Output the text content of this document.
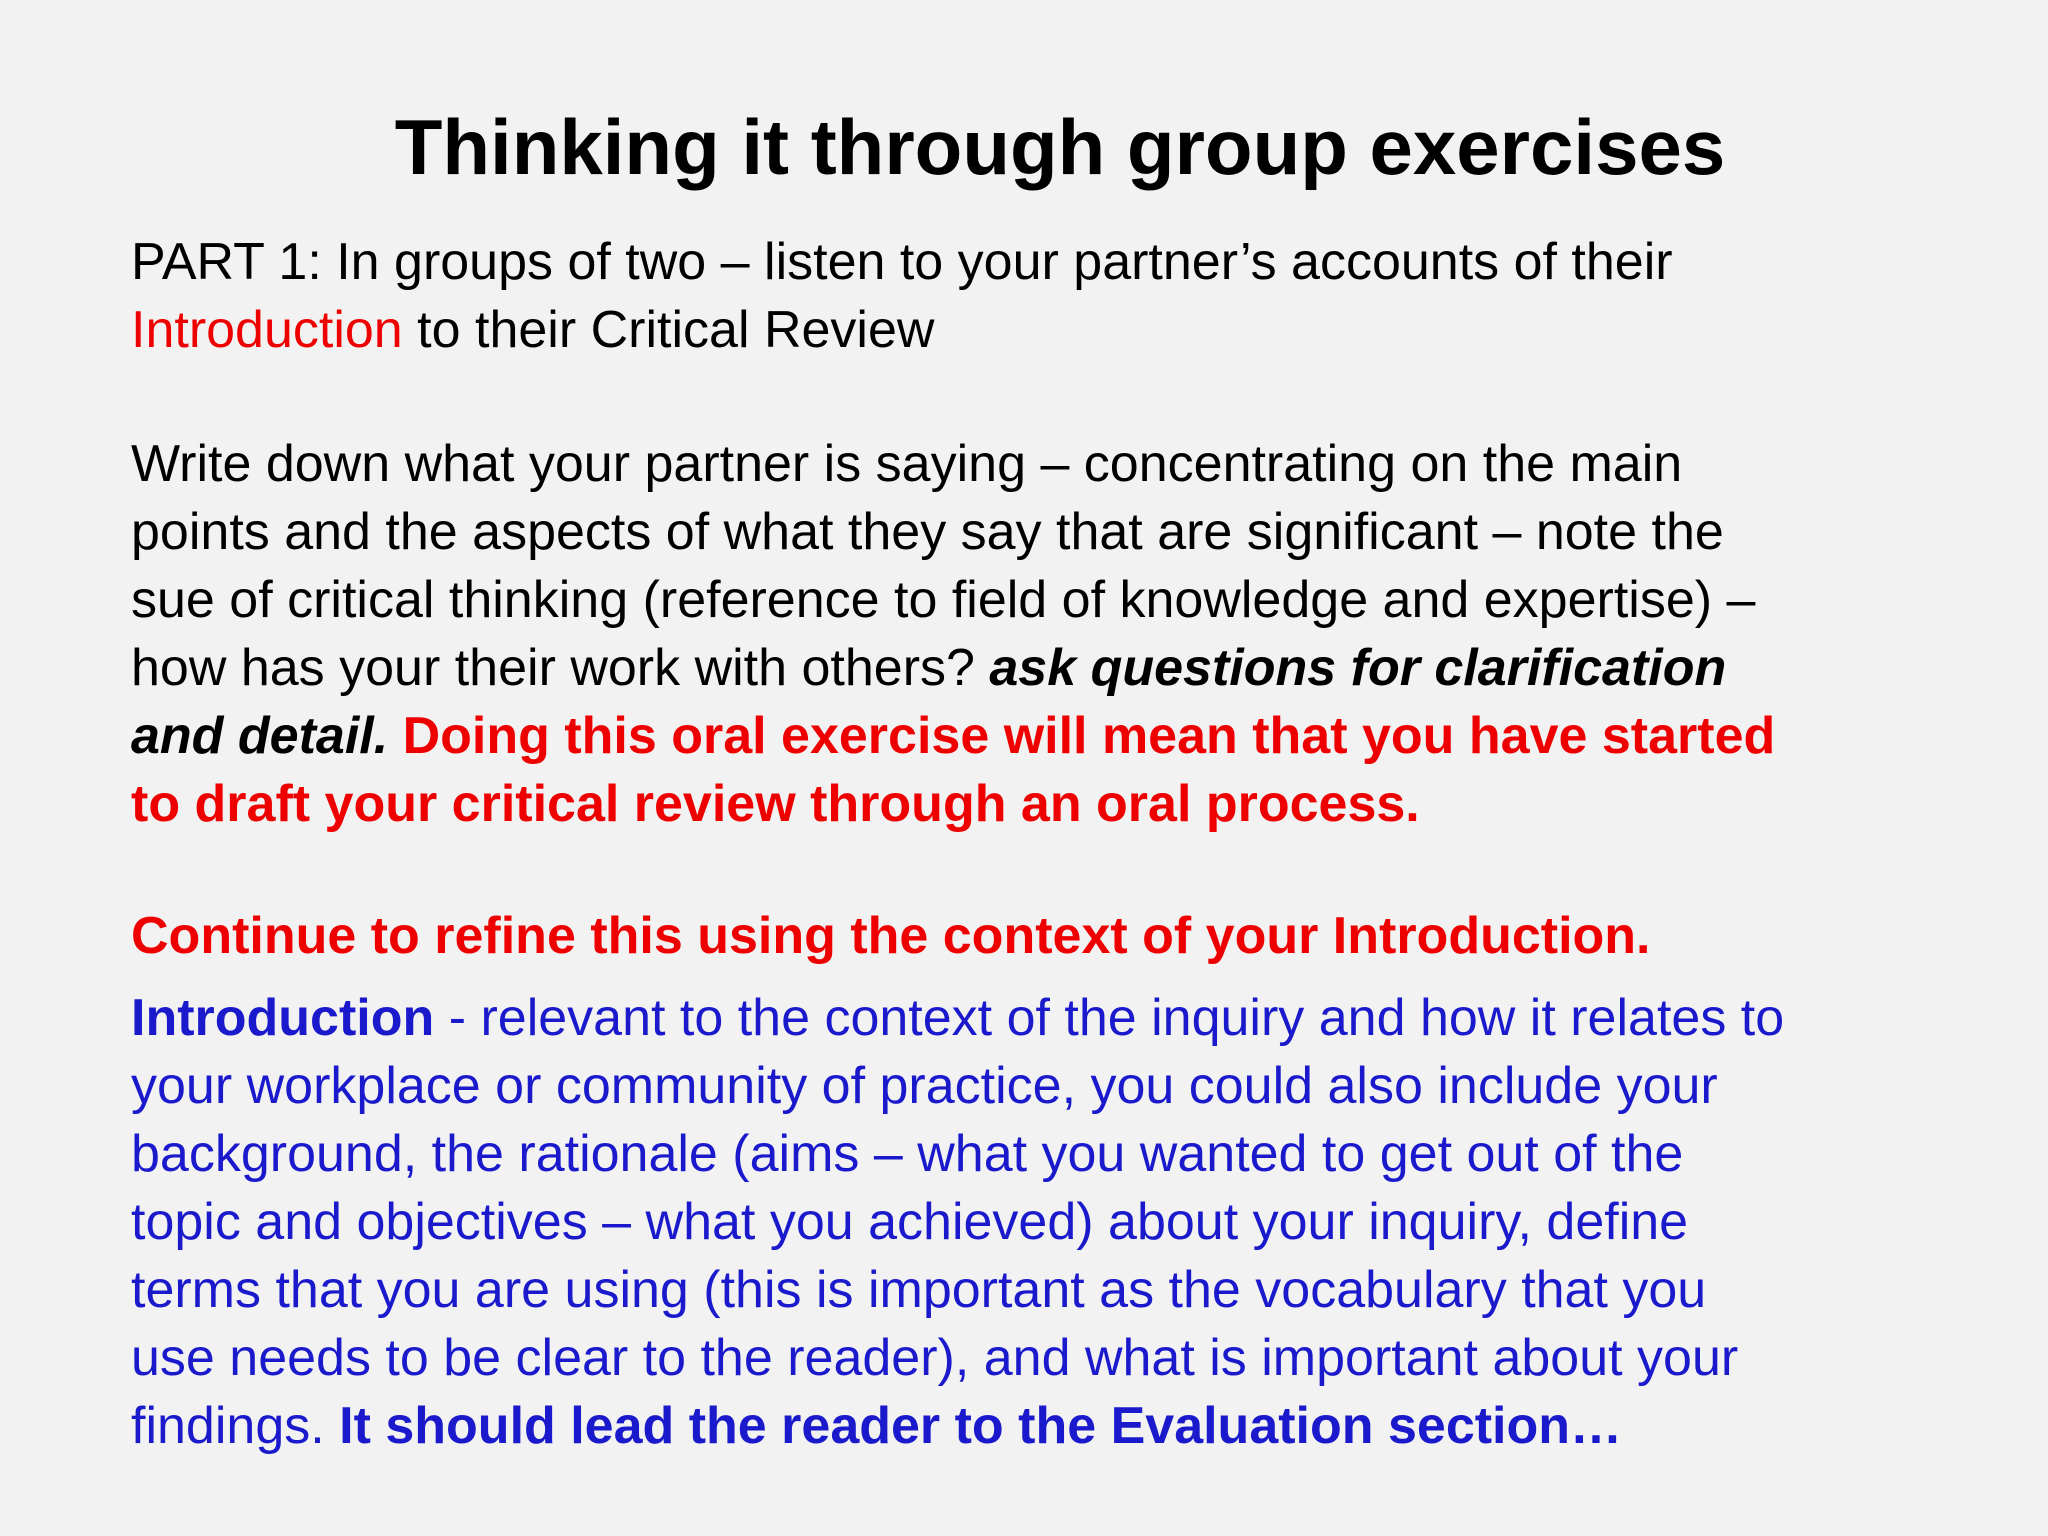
Thinking it through group exercises
PART 1: In groups of two – listen to your partner’s accounts of their
Introduction to their Critical Review
Write down what your partner is saying – concentrating on the main
points and the aspects of what they say that are significant – note the
sue of critical thinking (reference to field of knowledge and expertise) –
how has your their work with others? ask questions for clarification
and detail. Doing this oral exercise will mean that you have started
to draft your critical review through an oral process.
Continue to refine this using the context of your Introduction.
Introduction - relevant to the context of the inquiry and how it relates to
your workplace or community of practice, you could also include your
background, the rationale (aims – what you wanted to get out of the
topic and objectives – what you achieved) about your inquiry, define
terms that you are using (this is important as the vocabulary that you
use needs to be clear to the reader), and what is important about your
findings. It should lead the reader to the Evaluation section…
